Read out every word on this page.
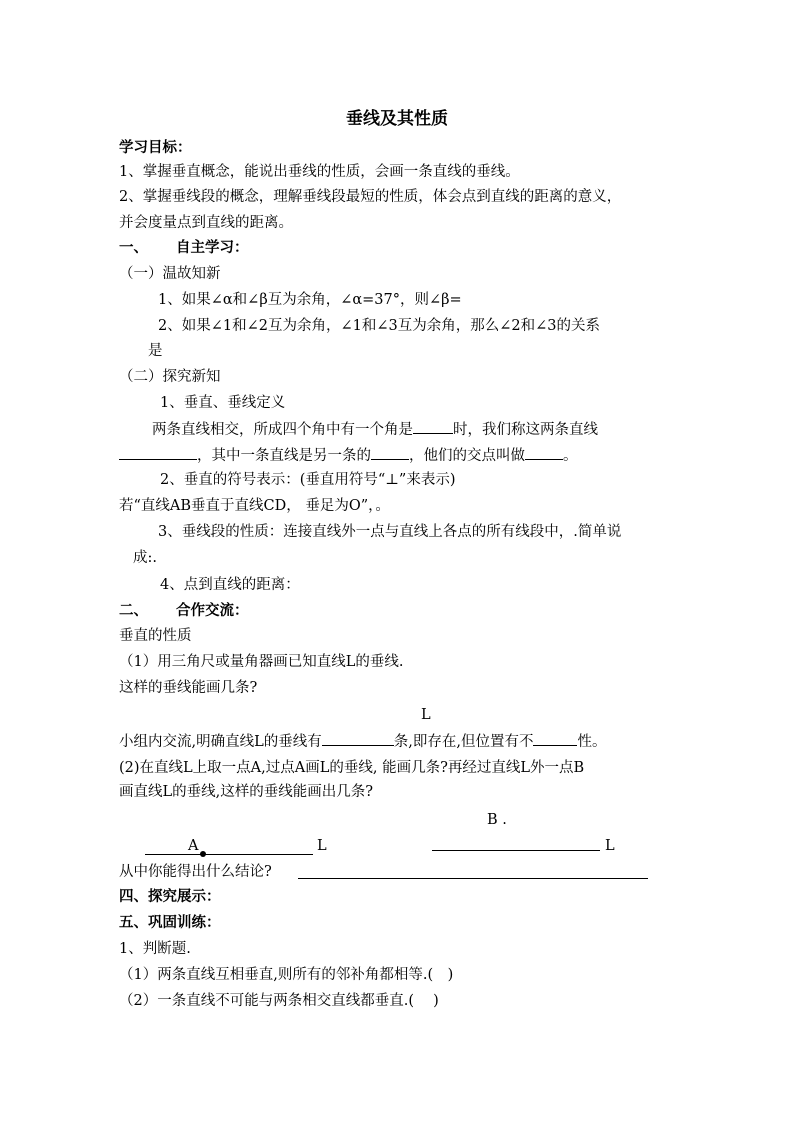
垂线及其性质
学习目标：
1、掌握垂直概念，能说出垂线的性质，会画一条直线的垂线。
2、掌握垂线段的概念，理解垂线段最短的性质，体会点到直线的距离的意义，
并会度量点到直线的距离。
一、 自主学习：
（一）温故知新
1、如果∠α和∠β互为余角，∠α=37°，则∠β=
2、如果∠1和∠2互为余角，∠1和∠3互为余角，那么∠2和∠3的关系
是
（二）探究新知
1、垂直、垂线定义
两条直线相交，所成四个角中有一个角是	时，我们称这两条直线
，其中一条直线是另一条的	，他们的交点叫做	。
2、垂直的符号表示：(垂直用符号“⊥”来表示)
若“直线AB垂直于直线CD， 垂足为O”，。
3、垂线段的性质：连接直线外一点与直线上各点的所有线段中，.简单说
成:.
4、点到直线的距离：
二、 合作交流：
垂直的性质
（1）用三角尺或量角器画已知直线L的垂线.
这样的垂线能画几条?
L
小组内交流,明确直线L的垂线有	条,即存在,但位置有不	性。
(2)在直线L上取一点A,过点A画L的垂线, 能画几条?再经过直线L外一点B
画直线L的垂线,这样的垂线能画出几条?
B .
A	L	L
从中你能得出什么结论?
四、探究展示：
五、巩固训练：
1、判断题.
（1）两条直线互相垂直,则所有的邻补角都相等.(　)
（2）一条直线不可能与两条相交直线都垂直.(　 )
